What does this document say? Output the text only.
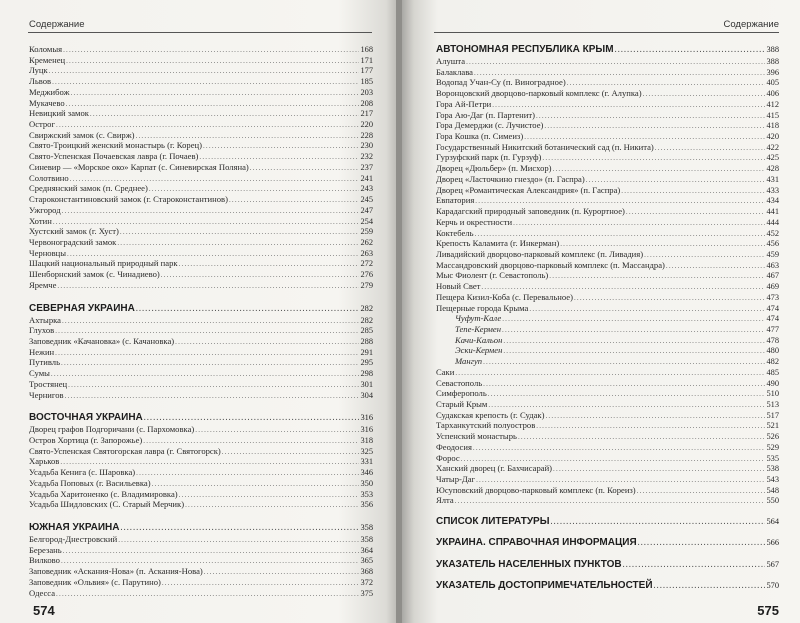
Содержание
Коломыя .....	168
Кременец .....	171
Луцк .....	177
Львов .....	185
Меджибож .....	203
Мукачево .....	208
Невицкий замок .....	217
Острог .....	220
Свиржский замок (с. Свирж) .....	228
Свято-Троицкий женский монастырь (г. Корец) .....	230
Свято-Успенская Почаевская лавра (г. Почаев) .....	232
Синевир — «Морское око» Карпат (с. Синевирская Поляна) .....	237
Солотвино .....	241
Среднянский замок (п. Среднее) .....	243
Староконстантиновский замок (г. Староконстантинов) .....	245
Ужгород .....	247
Хотин .....	254
Хустский замок (г. Хуст) .....	259
Червоноградский замок .....	262
Черновцы .....	263
Шацкий национальный природный парк .....	272
Шенборнский замок (с. Чинадиево) .....	276
Яремче .....	279
СЕВЕРНАЯ УКРАИНА .....	282
Ахтырка .....	282
Глухов .....	285
Заповедник «Качановка» (с. Качановка) .....	288
Нежин .....	291
Путивль .....	295
Сумы .....	298
Тростянец .....	301
Чернигов .....	304
ВОСТОЧНАЯ УКРАИНА .....	316
Дворец графов Подгоричани (с. Пархомовка) .....	316
Остров Хортица (г. Запорожье) .....	318
Свято-Успенская Святогорская лавра (г. Святогорск) .....	325
Харьков .....	331
Усадьба Кенига (с. Шаровка) .....	346
Усадьба Поповых (г. Васильевка) .....	350
Усадьба Харитоненко (с. Владимировка) .....	353
Усадьба Шидловских (С. Старый Мерчик) .....	356
ЮЖНАЯ УКРАИНА .....	358
Белгород-Днестровский .....	358
Березань .....	364
Вилково .....	365
Заповедник «Аскания-Нова» (п. Аскания-Нова) .....	368
Заповедник «Ольвия» (с. Парутино) .....	372
Одесса .....	375
574
Содержание
АВТОНОМНАЯ РЕСПУБЛИКА КРЫМ .....	388
Алушта .....	388
Балаклава .....	396
Водопад Учан-Су (п. Виноградное) .....	405
Воронцовский дворцово-парковый комплекс (г. Алупка) .....	406
Гора Ай-Петри .....	412
Гора Аю-Даг (п. Партенит) .....	415
Гора Демерджи (с. Лучистое) .....	418
Гора Кошка (п. Симеиз) .....	420
Государственный Никитский ботанический сад (п. Никита) .....	422
Гурзуфский парк (п. Гурзуф) .....	425
Дворец «Дюльбер» (п. Мисхор) .....	428
Дворец «Ласточкино гнездо» (п. Гаспра) .....	431
Дворец «Романтическая Александрия» (п. Гаспра) .....	433
Евпатория .....	434
Карадагский природный заповедник (п. Курортное) .....	441
Керчь и окрестности .....	444
Коктебель .....	452
Крепость Каламита (г. Инкерман) .....	456
Ливадийский дворцово-парковый комплекс (п. Ливадия) .....	459
Массандровский дворцово-парковый комплекс (п. Массандра) .....	463
Мыс Фиолент (г. Севастополь) .....	467
Новый Свет .....	469
Пещера Кизил-Коба (с. Перевальное) .....	473
Пещерные города Крыма .....	474
Чуфут-Кале .....	474
Тепе-Кермен .....	477
Качи-Кальон .....	478
Эски-Кермен .....	480
Мангуп .....	482
Саки .....	485
Севастополь .....	490
Симферополь .....	510
Старый Крым .....	513
Судакская крепость (г. Судак) .....	517
Тарханкутский полуостров .....	521
Успенский монастырь .....	526
Феодосия .....	529
Форос .....	535
Ханский дворец (г. Бахчисарай) .....	538
Чатыр-Даг .....	543
Юсуповский дворцово-парковый комплекс (п. Кореиз) .....	548
Ялта .....	550
СПИСОК ЛИТЕРАТУРЫ .....	564
УКРАИНА. СПРАВОЧНАЯ ИНФОРМАЦИЯ .....	566
УКАЗАТЕЛЬ НАСЕЛЕННЫХ ПУНКТОВ .....	567
УКАЗАТЕЛЬ ДОСТОПРИМЕЧАТЕЛЬНОСТЕЙ .....	570
575
